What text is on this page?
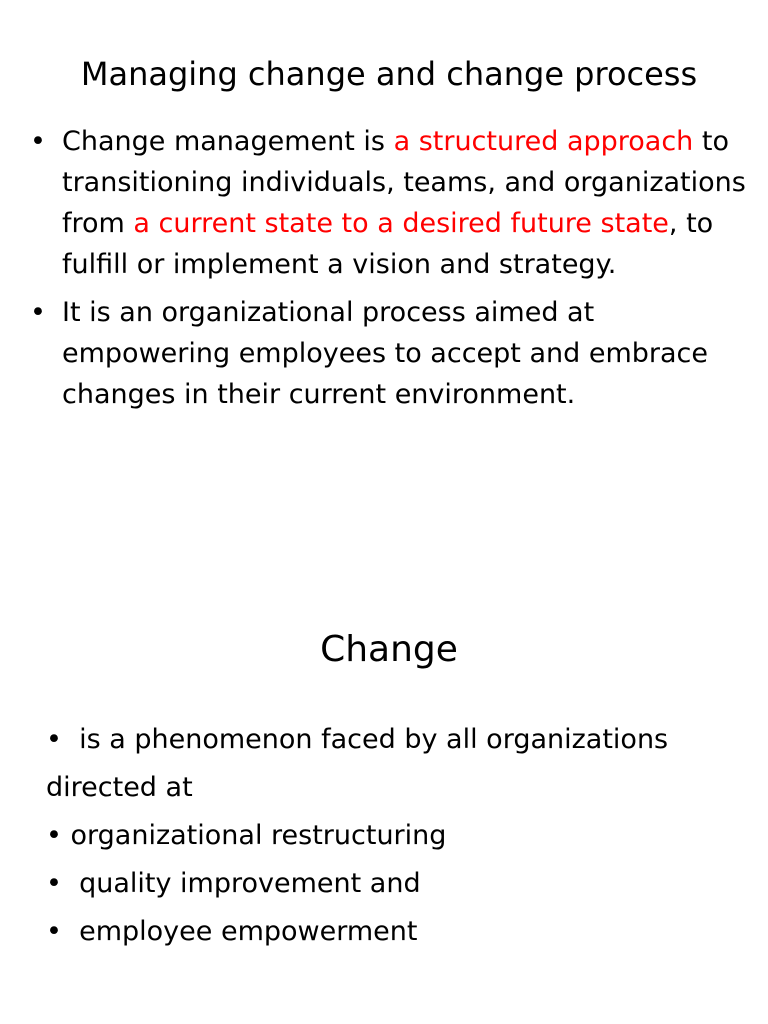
Managing change and change process
• Change management is a structured approach to transitioning individuals, teams, and organizations from a current state to a desired future state, to fulfill or implement a vision and strategy.
• It is an organizational process aimed at empowering employees to accept and embrace changes in their current environment.
Change
•  is a phenomenon faced by all organizations
directed at
• organizational restructuring
•  quality improvement and
•  employee empowerment
